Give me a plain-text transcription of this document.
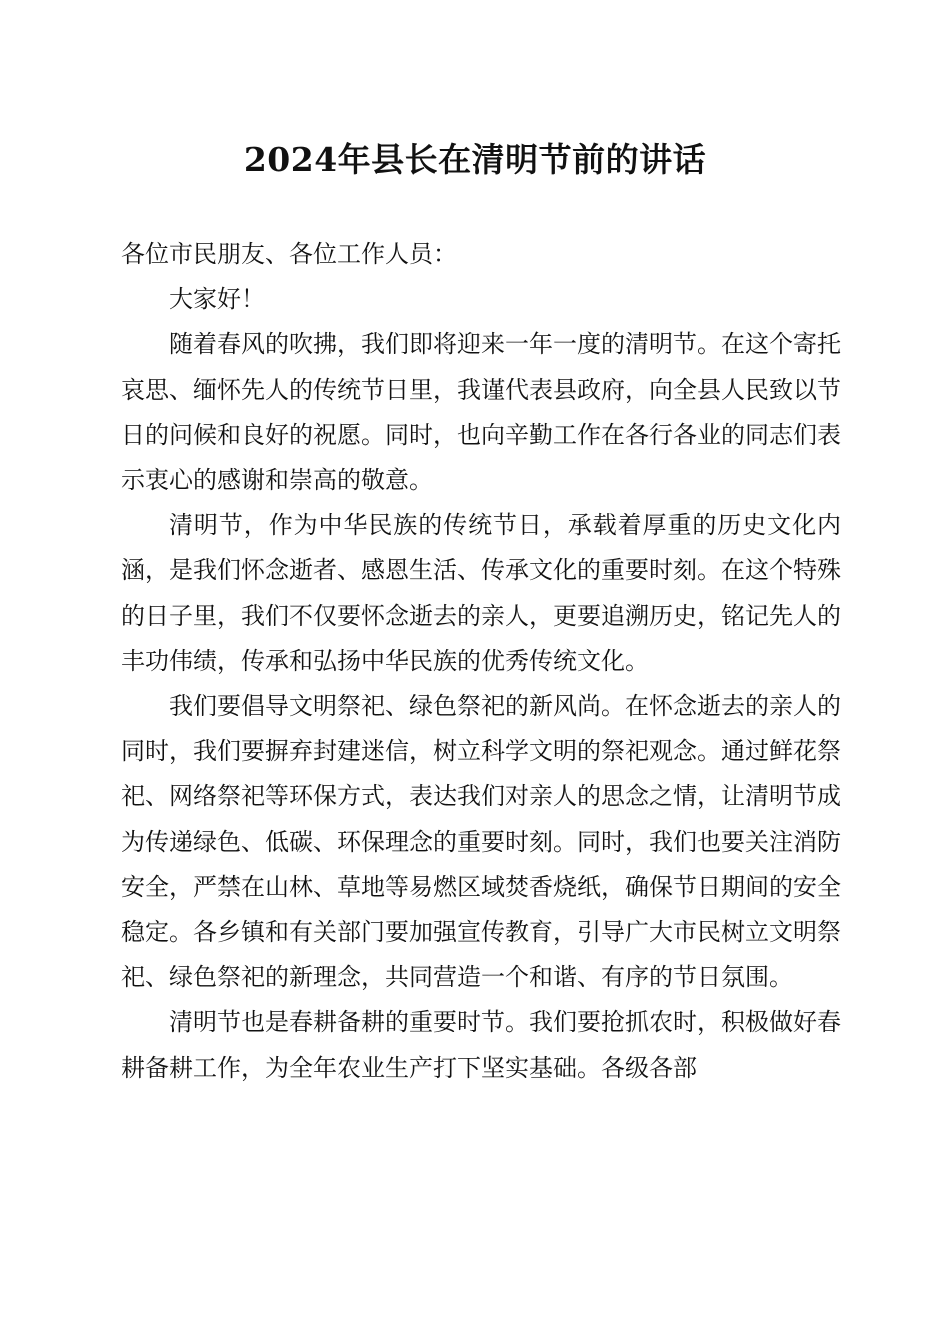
2024年县长在清明节前的讲话

各位市民朋友、各位工作人员：

大家好！

随着春风的吹拂，我们即将迎来一年一度的清明节。在这个寄托哀思、缅怀先人的传统节日里，我谨代表县政府，向全县人民致以节日的问候和良好的祝愿。同时，也向辛勤工作在各行各业的同志们表示衷心的感谢和崇高的敬意。

清明节，作为中华民族的传统节日，承载着厚重的历史文化内涵，是我们怀念逝者、感恩生活、传承文化的重要时刻。在这个特殊的日子里，我们不仅要怀念逝去的亲人，更要追溯历史，铭记先人的丰功伟绩，传承和弘扬中华民族的优秀传统文化。

我们要倡导文明祭祀、绿色祭祀的新风尚。在怀念逝去的亲人的同时，我们要摒弃封建迷信，树立科学文明的祭祀观念。通过鲜花祭祀、网络祭祀等环保方式，表达我们对亲人的思念之情，让清明节成为传递绿色、低碳、环保理念的重要时刻。同时，我们也要关注消防安全，严禁在山林、草地等易燃区域焚香烧纸，确保节日期间的安全稳定。各乡镇和有关部门要加强宣传教育，引导广大市民树立文明祭祀、绿色祭祀的新理念，共同营造一个和谐、有序的节日氛围。

清明节也是春耕备耕的重要时节。我们要抢抓农时，积极做好春耕备耕工作，为全年农业生产打下坚实基础。各级各部
